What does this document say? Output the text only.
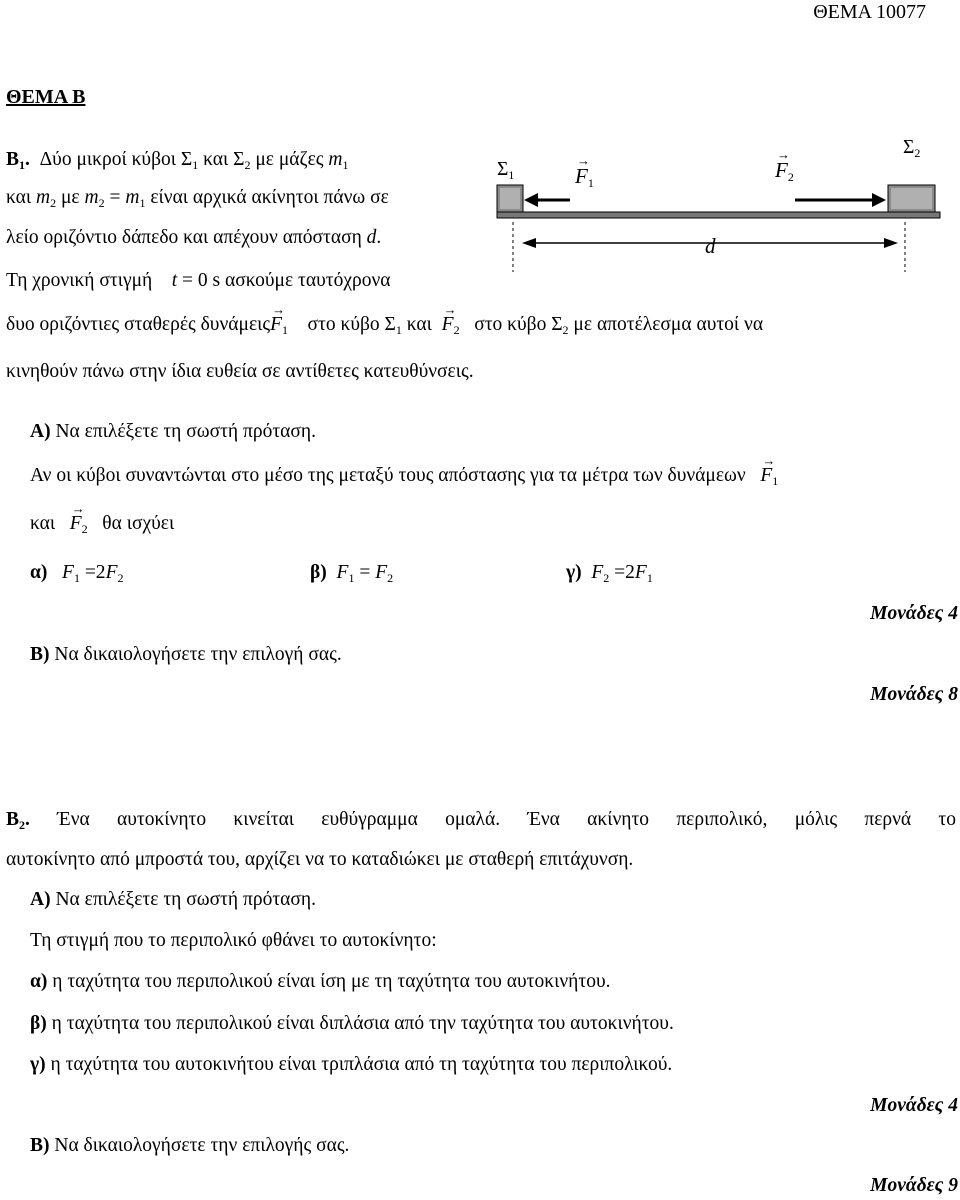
ΘΕΜΑ 10077
ΘΕΜΑ Β
$B_1$. Δύο μικροί κύβοι $\Sigma_1$ και $\Sigma_2$ με μάζες $m_1$
και $m_2$ με $m_2 = m_1$ είναι αρχικά ακίνητοι πάνω σε
λείο οριζόντιο δάπεδο και απέχουν απόσταση d.
Τη χρονική στιγμή t = 0 s ασκούμε ταυτόχρονα
$\Sigma_1$
$\Sigma_2$
→ $F_1$
→ $F_2$
d
δυο οριζόντιες σταθερές $\delta\upsilon\nu ά\mu\varepsilon\iota\varsigma\to F_1$ στο κύβο $\Sigma_1$ $\kappa\alpha\iota \to F_2$ στο κύβο $\Sigma_2$ με αποτέλεσμα αυτοί να
κινηθούν πάνω στην ίδια ευθεία σε αντίθετες κατευθύνσεις.
Α) Να επιλέξετε τη σωστή πρόταση.
Αν οι κύβοι συναντώνται στο μέσο της μεταξύ τους απόστασης για τα μέτρα των $\delta\upsilon\nu ά\mu\varepsilon\omega\nu \to F_1$
$\kappa\alpha\iota \to F_2$ θα ισχύει
α) $F_1 =2F_2$	β) $F_1 = F_2$	γ) $F_2 =2F_1$
Μονάδες 4
Β) Να δικαιολογήσετε την επιλογή σας.
Μονάδες 8
$B_2$. Ένα αυτοκίνητο κινείται ευθύγραμμα ομαλά. Ένα ακίνητο περιπολικό, μόλις περνά το
αυτοκίνητο από μπροστά του, αρχίζει να το καταδιώκει με σταθερή επιτάχυνση.
Α) Να επιλέξετε τη σωστή πρόταση.
Τη στιγμή που το περιπολικό φθάνει το αυτοκίνητο:
α) η ταχύτητα του περιπολικού είναι ίση με τη ταχύτητα του αυτοκινήτου.
β) η ταχύτητα του περιπολικού είναι διπλάσια από την ταχύτητα του αυτοκινήτου.
γ) η ταχύτητα του αυτοκινήτου είναι τριπλάσια από τη ταχύτητα του περιπολικού.
Μονάδες 4
Β) Να δικαιολογήσετε την επιλογής σας.
Μονάδες 9
